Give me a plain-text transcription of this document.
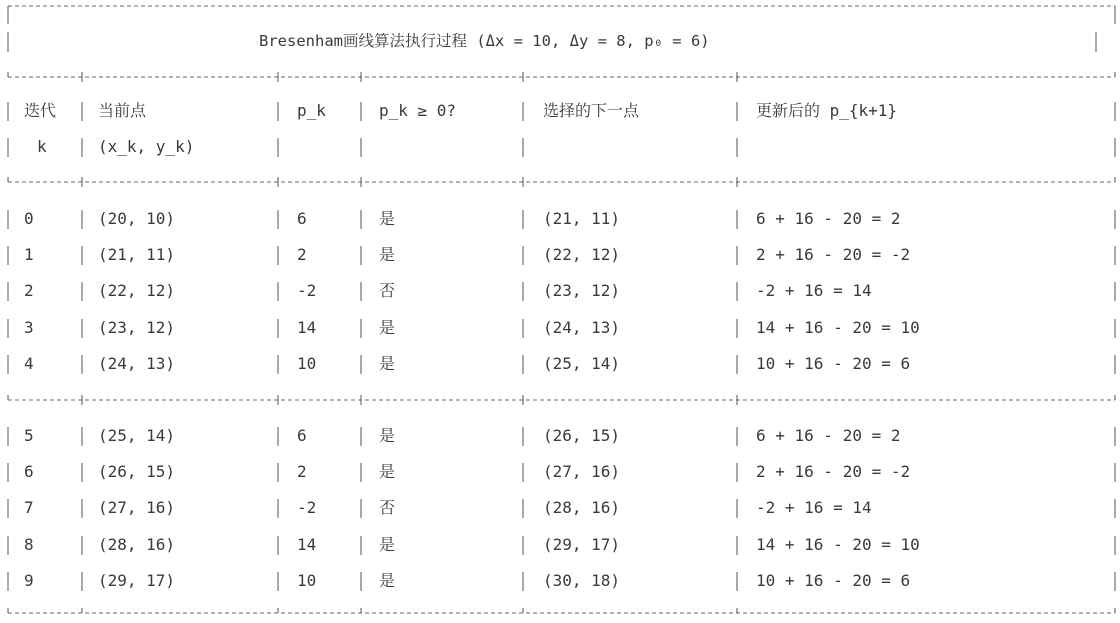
Bresenham画线算法执行过程 (Δx = 10, Δy = 8, p₀ = 6)
迭代	当前点	p_k	p_k ≥ 0?	选择的下一点	更新后的 p_{k+1}
k	(x_k, y_k)
0	(20, 10)	6	是	(21, 11)	6 + 16 - 20 = 2
1	(21, 11)	2	是	(22, 12)	2 + 16 - 20 = -2
2	(22, 12)	-2	否	(23, 12)	-2 + 16 = 14
3	(23, 12)	14	是	(24, 13)	14 + 16 - 20 = 10
4	(24, 13)	10	是	(25, 14)	10 + 16 - 20 = 6
5	(25, 14)	6	是	(26, 15)	6 + 16 - 20 = 2
6	(26, 15)	2	是	(27, 16)	2 + 16 - 20 = -2
7	(27, 16)	-2	否	(28, 16)	-2 + 16 = 14
8	(28, 16)	14	是	(29, 17)	14 + 16 - 20 = 10
9	(29, 17)	10	是	(30, 18)	10 + 16 - 20 = 6
